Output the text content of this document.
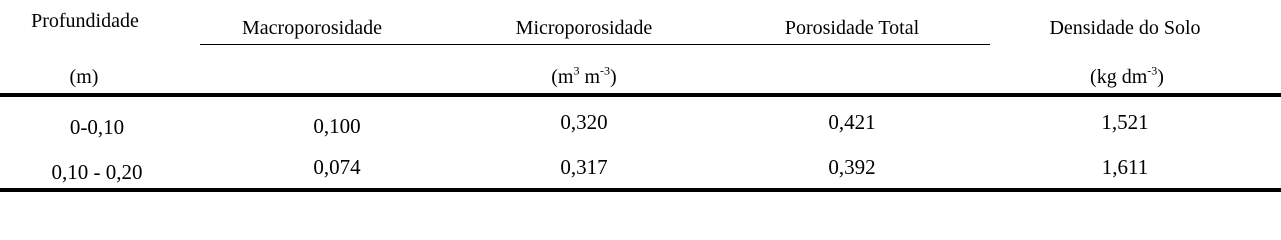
Profundidade	Macroporosidade	Microporosidade	Porosidade Total	Densidade do Solo
(m)	($m^3$ $m^{-3}$)	(kg $dm^{-3}$)
0-0,10	0,100	0,320	0,421	1,521
0,10 - 0,20	0,074	0,317	0,392	1,611
